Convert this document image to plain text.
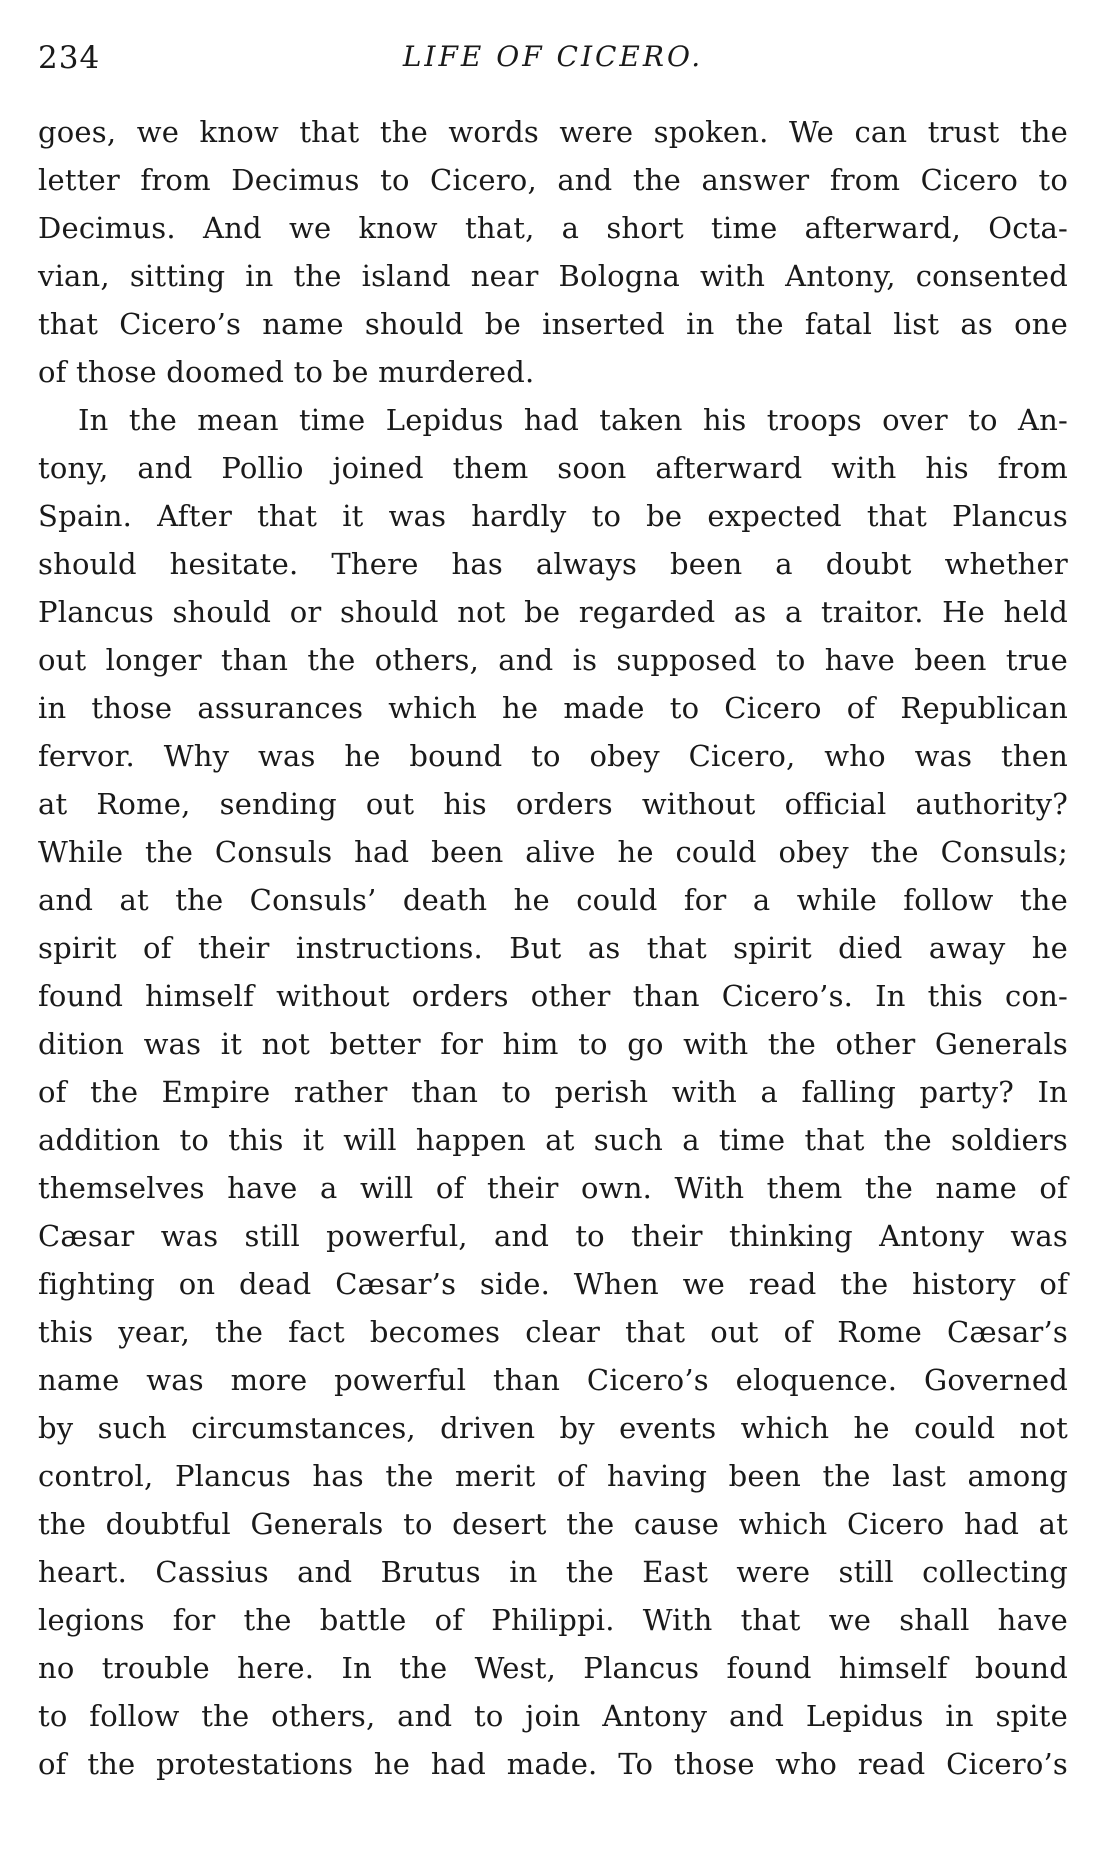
234	LIFE OF CICERO.
goes, we know that the words were spoken. We can trust the
letter from Decimus to Cicero, and the answer from Cicero to
Decimus. And we know that, a short time afterward, Octa-
vian, sitting in the island near Bologna with Antony, consented
that Cicero’s name should be inserted in the fatal list as one
of those doomed to be murdered.
In the mean time Lepidus had taken his troops over to An-
tony, and Pollio joined them soon afterward with his from
Spain. After that it was hardly to be expected that Plancus
should hesitate. There has always been a doubt whether
Plancus should or should not be regarded as a traitor. He held
out longer than the others, and is supposed to have been true
in those assurances which he made to Cicero of Republican
fervor. Why was he bound to obey Cicero, who was then
at Rome, sending out his orders without official authority?
While the Consuls had been alive he could obey the Consuls;
and at the Consuls’ death he could for a while follow the
spirit of their instructions. But as that spirit died away he
found himself without orders other than Cicero’s. In this con-
dition was it not better for him to go with the other Generals
of the Empire rather than to perish with a falling party? In
addition to this it will happen at such a time that the soldiers
themselves have a will of their own. With them the name of
Cæsar was still powerful, and to their thinking Antony was
fighting on dead Cæsar’s side. When we read the history of
this year, the fact becomes clear that out of Rome Cæsar’s
name was more powerful than Cicero’s eloquence. Governed
by such circumstances, driven by events which he could not
control, Plancus has the merit of having been the last among
the doubtful Generals to desert the cause which Cicero had at
heart. Cassius and Brutus in the East were still collecting
legions for the battle of Philippi. With that we shall have
no trouble here. In the West, Plancus found himself bound
to follow the others, and to join Antony and Lepidus in spite
of the protestations he had made. To those who read Cicero’s
